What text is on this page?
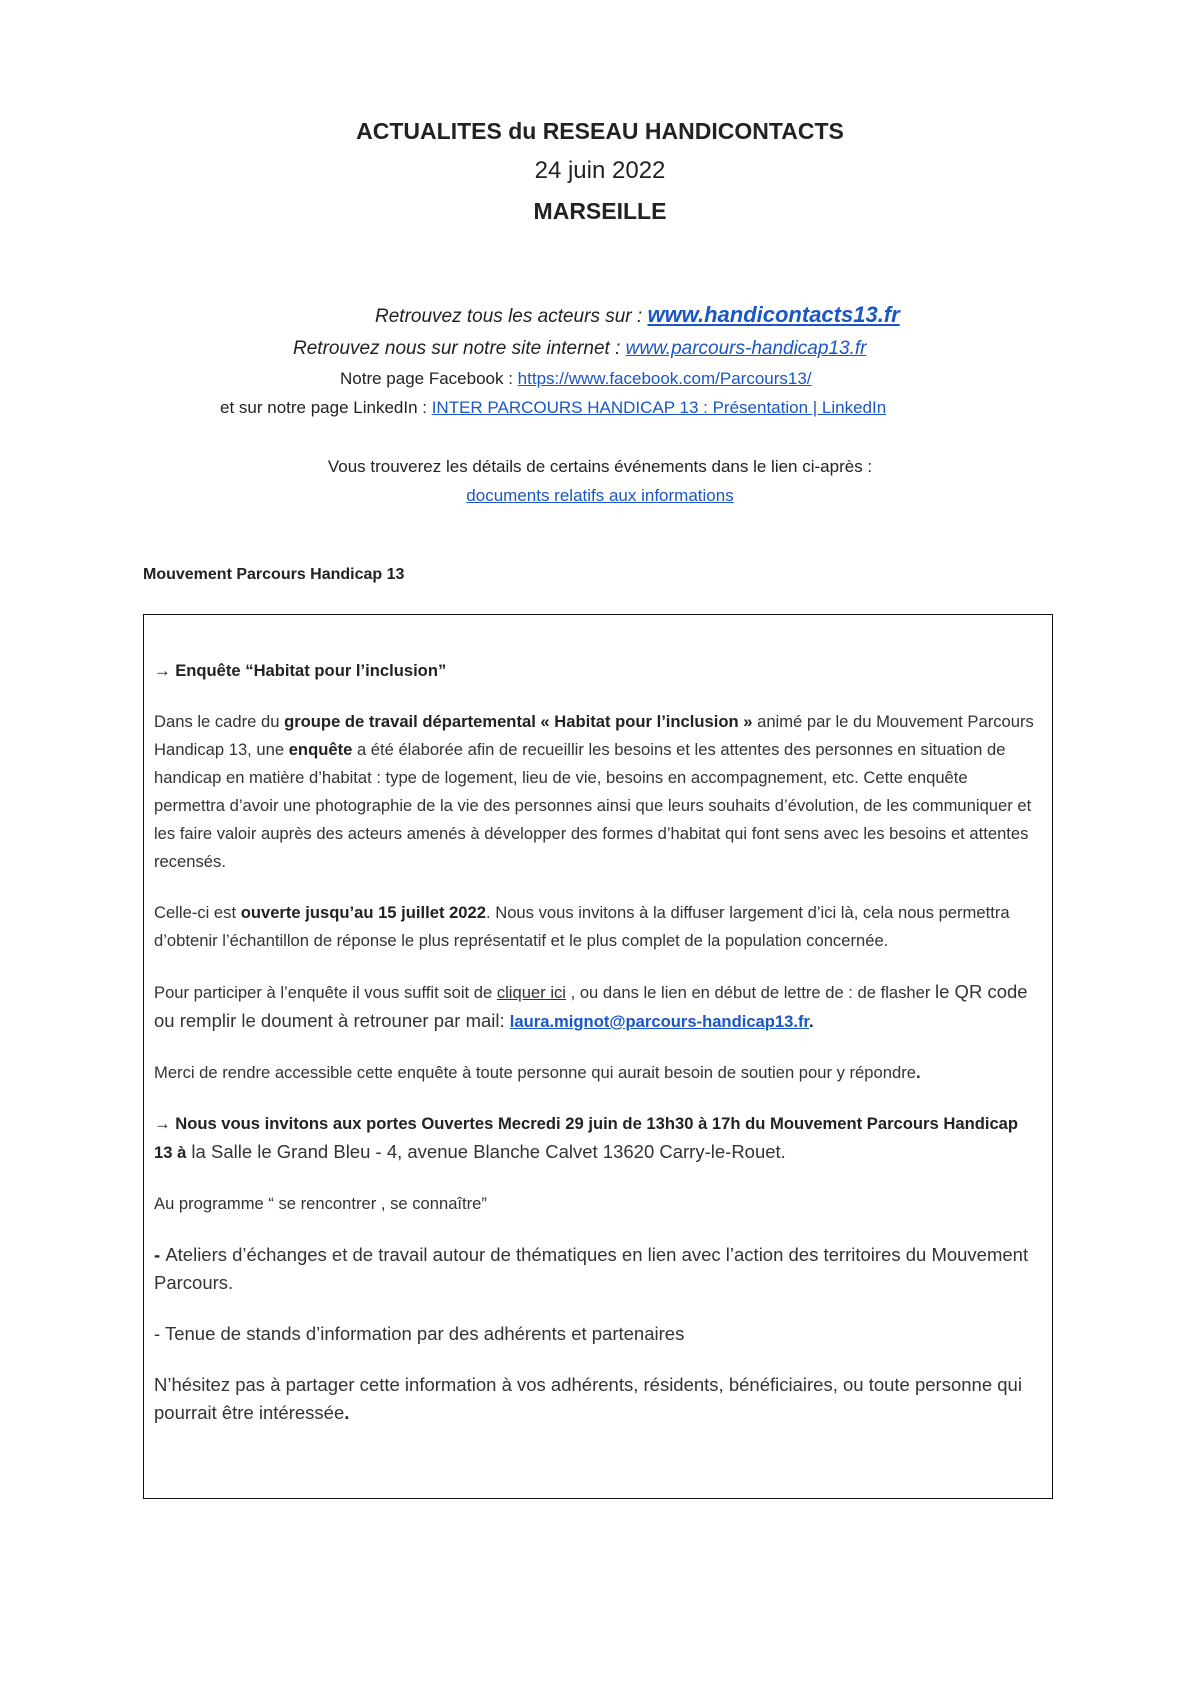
ACTUALITES du RESEAU HANDICONTACTS
24 juin 2022
MARSEILLE
Retrouvez tous les acteurs sur : www.handicontacts13.fr
Retrouvez nous sur notre site internet : www.parcours-handicap13.fr
Notre page Facebook : https://www.facebook.com/Parcours13/
et sur notre page LinkedIn : INTER PARCOURS HANDICAP 13 : Présentation | LinkedIn
Vous trouverez les détails de certains événements dans le lien ci-après :
documents relatifs aux informations
Mouvement Parcours Handicap 13

→ Enquête “Habitat pour l’inclusion”

Dans le cadre du groupe de travail départemental « Habitat pour l’inclusion » animé par le du Mouvement Parcours Handicap 13, une enquête a été élaborée afin de recueillir les besoins et les attentes des personnes en situation de handicap en matière d’habitat : type de logement, lieu de vie, besoins en accompagnement, etc. Cette enquête permettra d’avoir une photographie de la vie des personnes ainsi que leurs souhaits d’évolution, de les communiquer et les faire valoir auprès des acteurs amenés à développer des formes d’habitat qui font sens avec les besoins et attentes recensés.

Celle-ci est ouverte jusqu’au 15 juillet 2022. Nous vous invitons à la diffuser largement d’ici là, cela nous permettra d’obtenir l’échantillon de réponse le plus représentatif et le plus complet de la population concernée.

Pour participer à l’enquête il vous suffit soit de cliquer ici , ou dans le lien en début de lettre de : de flasher le QR code ou remplir le doument à retrouner par mail: laura.mignot@parcours-handicap13.fr.

Merci de rendre accessible cette enquête à toute personne qui aurait besoin de soutien pour y répondre.

→ Nous vous invitons aux portes Ouvertes Mecredi 29 juin de 13h30 à 17h du Mouvement Parcours Handicap 13 à la Salle le Grand Bleu - 4, avenue Blanche Calvet 13620 Carry-le-Rouet.

Au programme “ se rencontrer , se connaître”

- Ateliers d’échanges et de travail autour de thématiques en lien avec l’action des territoires du Mouvement Parcours.

- Tenue de stands d’information par des adhérents et partenaires

N’hésitez pas à partager cette information à vos adhérents, résidents, bénéficiaires, ou toute personne qui pourrait être intéressée.
